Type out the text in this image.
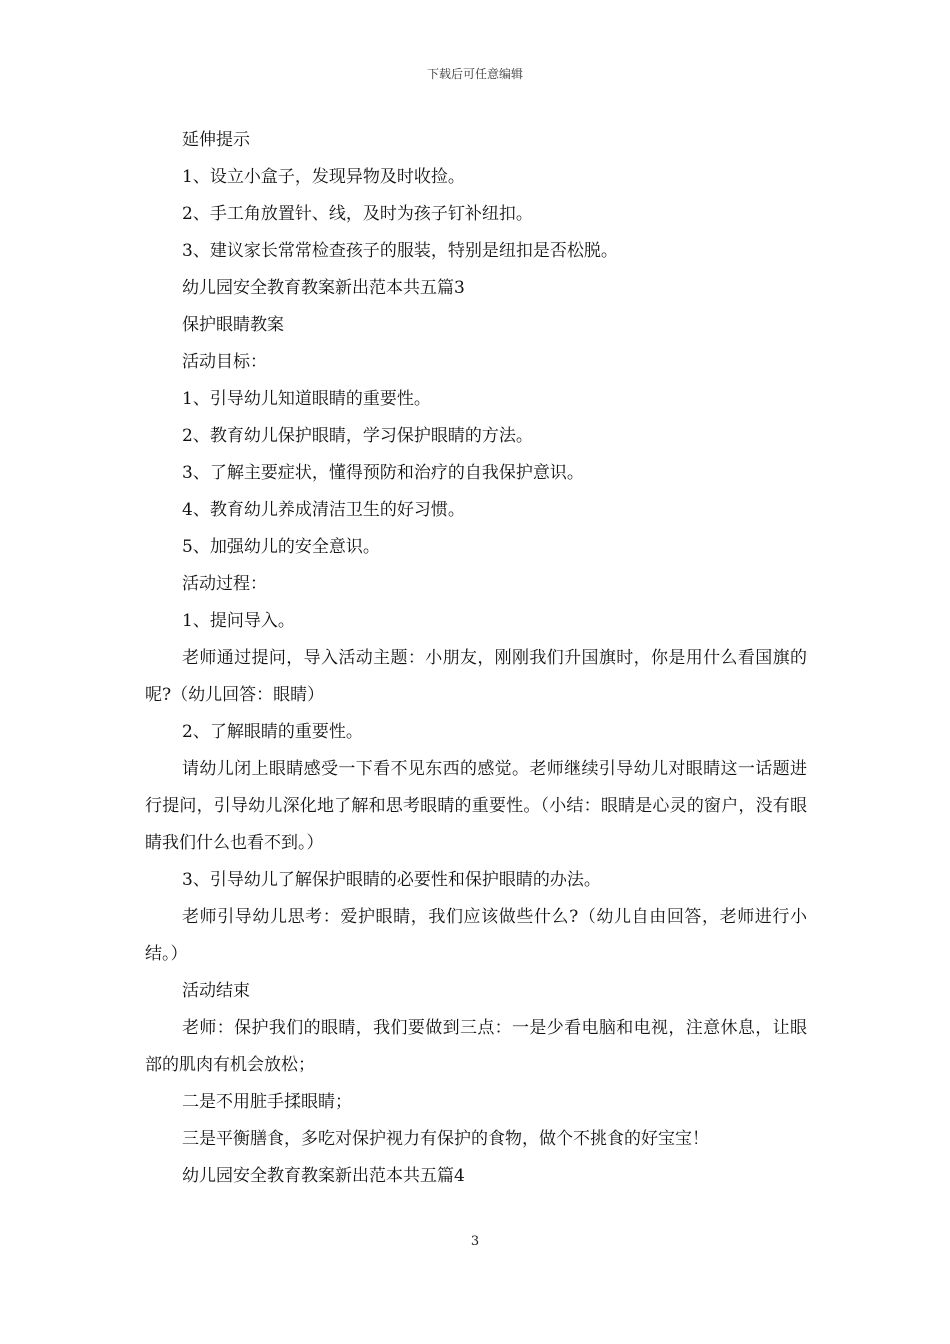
下载后可任意编辑

延伸提示

1、设立小盒子，发现异物及时收捡。

2、手工角放置针、线，及时为孩子钉补纽扣。

3、建议家长常常检查孩子的服装，特别是纽扣是否松脱。

幼儿园安全教育教案新出范本共五篇3

保护眼睛教案

活动目标：

1、引导幼儿知道眼睛的重要性。

2、教育幼儿保护眼睛，学习保护眼睛的方法。

3、了解主要症状，懂得预防和治疗的自我保护意识。

4、教育幼儿养成清洁卫生的好习惯。

5、加强幼儿的安全意识。

活动过程：

1、提问导入。

老师通过提问，导入活动主题：小朋友，刚刚我们升国旗时，你是用什么看国旗的呢?（幼儿回答：眼睛）

2、了解眼睛的重要性。

请幼儿闭上眼睛感受一下看不见东西的感觉。老师继续引导幼儿对眼睛这一话题进行提问，引导幼儿深化地了解和思考眼睛的重要性。（小结：眼睛是心灵的窗户，没有眼睛我们什么也看不到。）

3、引导幼儿了解保护眼睛的必要性和保护眼睛的办法。

老师引导幼儿思考：爱护眼睛，我们应该做些什么?（幼儿自由回答，老师进行小结。）

活动结束

老师：保护我们的眼睛，我们要做到三点：一是少看电脑和电视，注意休息，让眼部的肌肉有机会放松；

二是不用脏手揉眼睛；

三是平衡膳食，多吃对保护视力有保护的食物，做个不挑食的好宝宝！

幼儿园安全教育教案新出范本共五篇4

3
